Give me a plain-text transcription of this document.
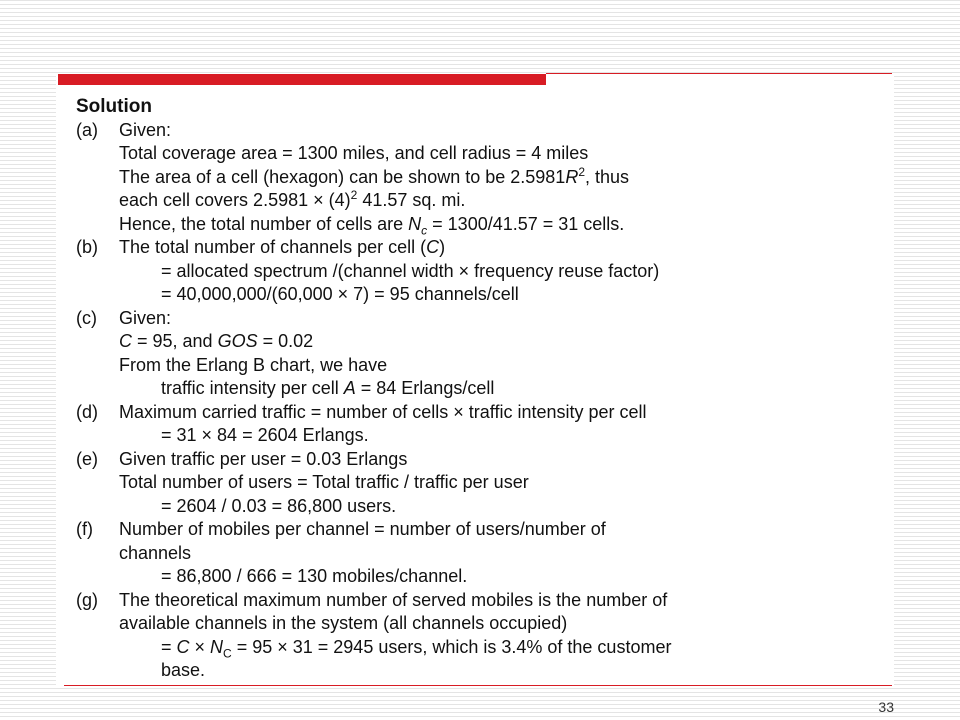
Solution
(a) Given:
Total coverage area = 1300 miles, and cell radius = 4 miles
The area of a cell (hexagon) can be shown to be $2.5981R^2$, thus
each cell covers $2.5981 \times (4)^2$ 41.57 sq. mi.
Hence, the total number of cells are $N_c = 1300/41.57 = 31$ cells.
(b) The total number of channels per cell (C)
= allocated spectrum /(channel width × frequency reuse factor)
= 40,000,000/(60,000 × 7) = 95 channels/cell
(c) Given:
C = 95, and GOS = 0.02
From the Erlang B chart, we have
traffic intensity per cell A = 84 Erlangs/cell
(d) Maximum carried traffic = number of cells × traffic intensity per cell
= 31 × 84 = 2604 Erlangs.
(e) Given traffic per user = 0.03 Erlangs
Total number of users = Total traffic / traffic per user
= 2604 / 0.03 = 86,800 users.
(f) Number of mobiles per channel = number of users/number of
channels
= 86,800 / 666 = 130 mobiles/channel.
(g) The theoretical maximum number of served mobiles is the number of
available channels in the system (all channels occupied)
= $C \times N_C = 95 \times 31 = 2945$ users, which is 3.4% of the customer
base.
33
